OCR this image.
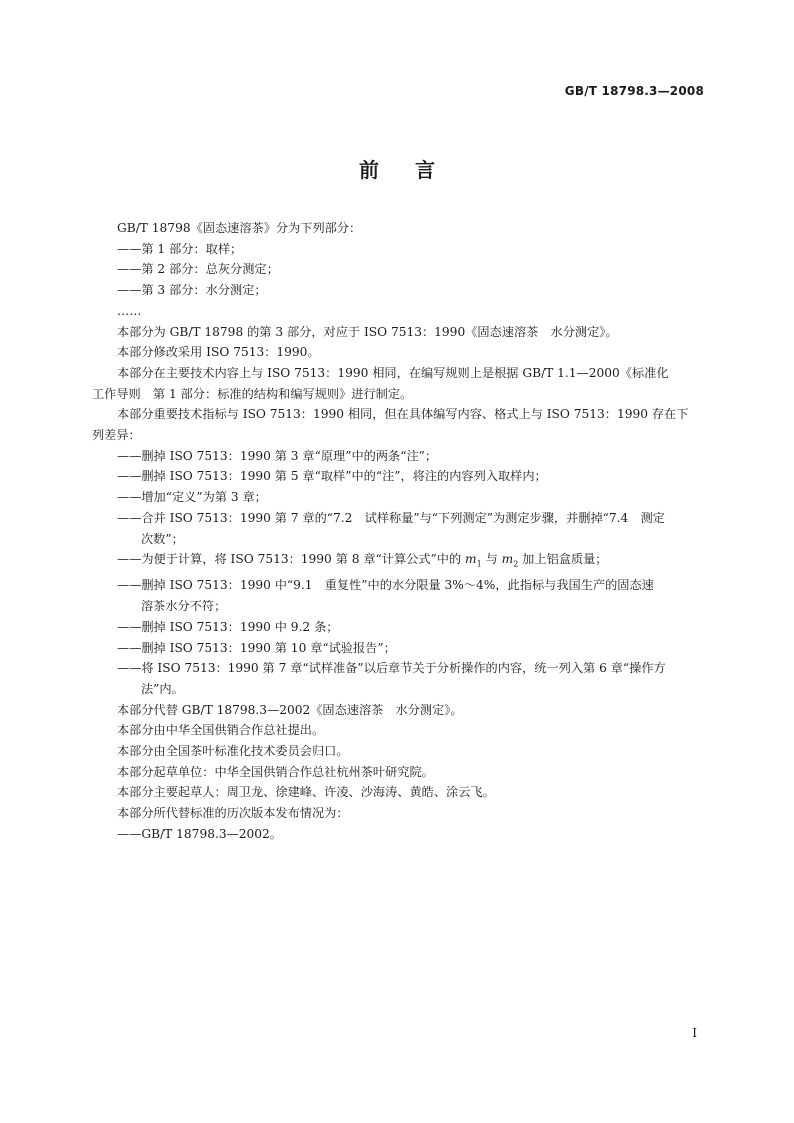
GB/T 18798.3—2008
前言

GB/T 18798《固态速溶茶》分为下列部分：

——第 1 部分：取样；

——第 2 部分：总灰分测定；

——第 3 部分：水分测定；

……

本部分为 GB/T 18798 的第 3 部分，对应于 ISO 7513：1990《固态速溶茶　水分测定》。

本部分修改采用 ISO 7513：1990。

本部分在主要技术内容上与 ISO 7513：1990 相同，在编写规则上是根据 GB/T 1.1—2000《标准化

工作导则　第 1 部分：标准的结构和编写规则》进行制定。

本部分重要技术指标与 ISO 7513：1990 相同，但在具体编写内容、格式上与 ISO 7513：1990 存在下

列差异：

——删掉 ISO 7513：1990 第 3 章“原理”中的两条“注”；

——删掉 ISO 7513：1990 第 5 章“取样”中的“注”，将注的内容列入取样内；

——增加“定义”为第 3 章；

——合并 ISO 7513：1990 第 7 章的“7.2　试样称量”与“下列测定”为测定步骤，并删掉“7.4　测定

次数”；

——为便于计算，将 ISO 7513：1990 第 8 章“计算公式”中的 $m_1$ 与 $m_2$ 加上铝盒质量；

——删掉 ISO 7513：1990 中“9.1　重复性”中的水分限量 3%～4%，此指标与我国生产的固态速

溶茶水分不符；

——删掉 ISO 7513：1990 中 9.2 条；

——删掉 ISO 7513：1990 第 10 章“试验报告”；

——将 ISO 7513：1990 第 7 章“试样准备”以后章节关于分析操作的内容，统一列入第 6 章“操作方

法”内。

本部分代替 GB/T 18798.3—2002《固态速溶茶　水分测定》。

本部分由中华全国供销合作总社提出。

本部分由全国茶叶标准化技术委员会归口。

本部分起草单位：中华全国供销合作总社杭州茶叶研究院。

本部分主要起草人：周卫龙、徐建峰、许凌、沙海涛、黄皓、涂云飞。

本部分所代替标准的历次版本发布情况为：

——GB/T 18798.3—2002。

I
